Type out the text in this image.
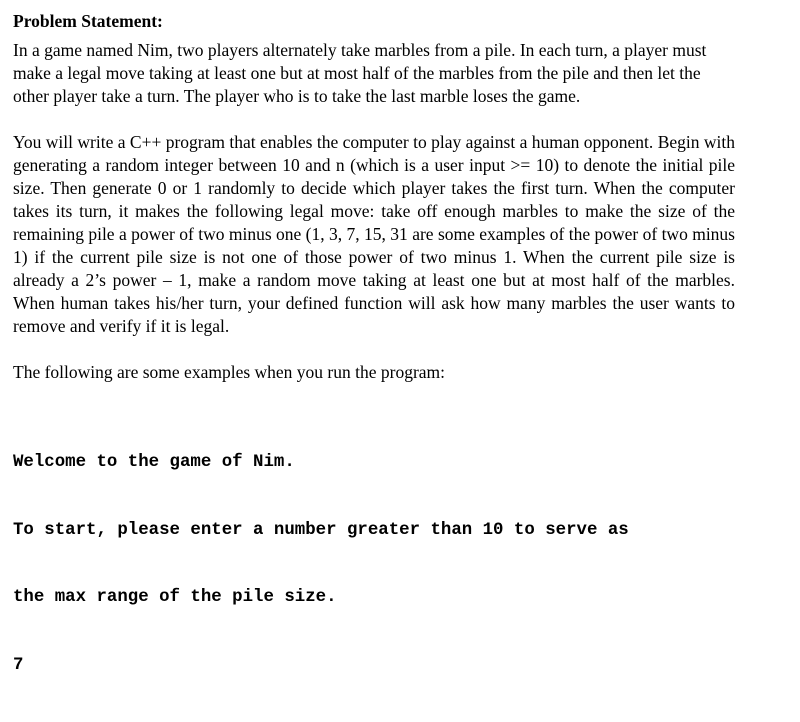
Problem Statement:

In a game named Nim, two players alternately take marbles from a pile. In each turn, a player must make a legal move taking at least one but at most half of the marbles from the pile and then let the other player take a turn. The player who is to take the last marble loses the game.

You will write a C++ program that enables the computer to play against a human opponent. Begin with generating a random integer between 10 and n (which is a user input >= 10) to denote the initial pile size. Then generate 0 or 1 randomly to decide which player takes the first turn. When the computer takes its turn, it makes the following legal move: take off enough marbles to make the size of the remaining pile a power of two minus one (1, 3, 7, 15, 31 are some examples of the power of two minus 1) if the current pile size is not one of those power of two minus 1. When the current pile size is already a 2’s power – 1, make a random move taking at least one but at most half of the marbles. When human takes his/her turn, your defined function will ask how many marbles the user wants to remove and verify if it is legal.

The following are some examples when you run the program:

Welcome to the game of Nim.

To start, please enter a number greater than 10 to serve as

the max range of the pile size.

7
